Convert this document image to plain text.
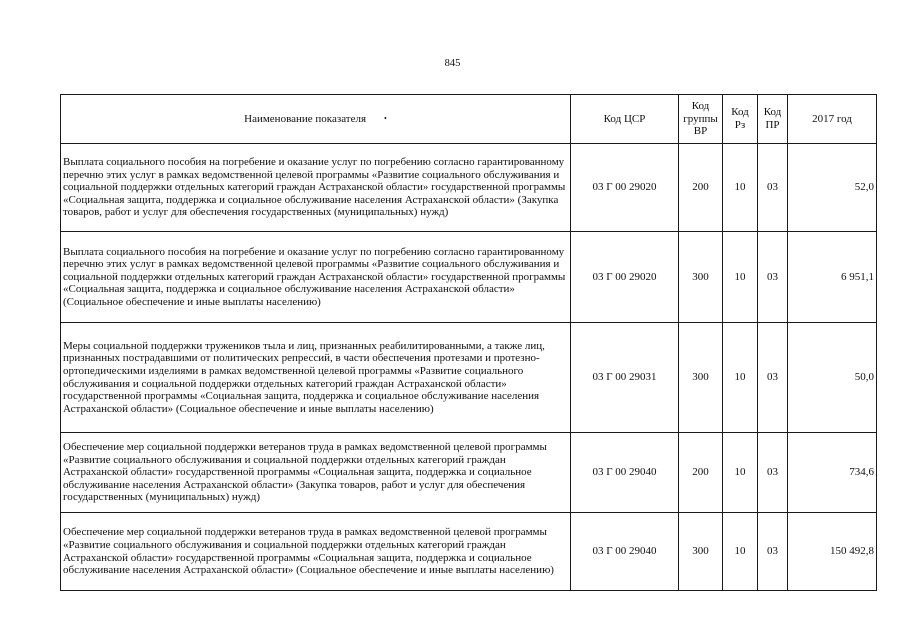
845
Наименование показателя •	Код ЦСР	Код группы ВР	Код Рз	Код ПР	2017 год
Выплата социального пособия на погребение и оказание услуг по погребению согласно гарантированному перечню этих услуг в рамках ведомственной целевой программы «Развитие социального обслуживания и социальной поддержки отдельных категорий граждан Астраханской области» государственной программы «Социальная защита, поддержка и социальное обслуживание населения Астраханской области» (Закупка товаров, работ и услуг для обеспечения государственных (муниципальных) нужд)	03 Г 00 29020	200	10	03	52,0
Выплата социального пособия на погребение и оказание услуг по погребению согласно гарантированному перечню этих услуг в рамках ведомственной целевой программы «Развитие социального обслуживания и социальной поддержки отдельных категорий граждан Астраханской области» государственной программы «Социальная защита, поддержка и социальное обслуживание населения Астраханской области» (Социальное обеспечение и иные выплаты населению)	03 Г 00 29020	300	10	03	6 951,1
Меры социальной поддержки тружеников тыла и лиц, признанных реабилитированными, а также лиц, признанных пострадавшими от политических репрессий, в части обеспечения протезами и протезно-ортопедическими изделиями в рамках ведомственной целевой программы «Развитие социального обслуживания и социальной поддержки отдельных категорий граждан Астраханской области» государственной программы «Социальная защита, поддержка и социальное обслуживание населения Астраханской области» (Социальное обеспечение и иные выплаты населению)	03 Г 00 29031	300	10	03	50,0
Обеспечение мер социальной поддержки ветеранов труда в рамках ведомственной целевой программы «Развитие социального обслуживания и социальной поддержки отдельных категорий граждан Астраханской области» государственной программы «Социальная защита, поддержка и социальное обслуживание населения Астраханской области» (Закупка товаров, работ и услуг для обеспечения государственных (муниципальных) нужд)	03 Г 00 29040	200	10	03	734,6
Обеспечение мер социальной поддержки ветеранов труда в рамках ведомственной целевой программы «Развитие социального обслуживания и социальной поддержки отдельных категорий граждан Астраханской области» государственной программы «Социальная защита, поддержка и социальное обслуживание населения Астраханской области» (Социальное обеспечение и иные выплаты населению)	03 Г 00 29040	300	10	03	150 492,8
